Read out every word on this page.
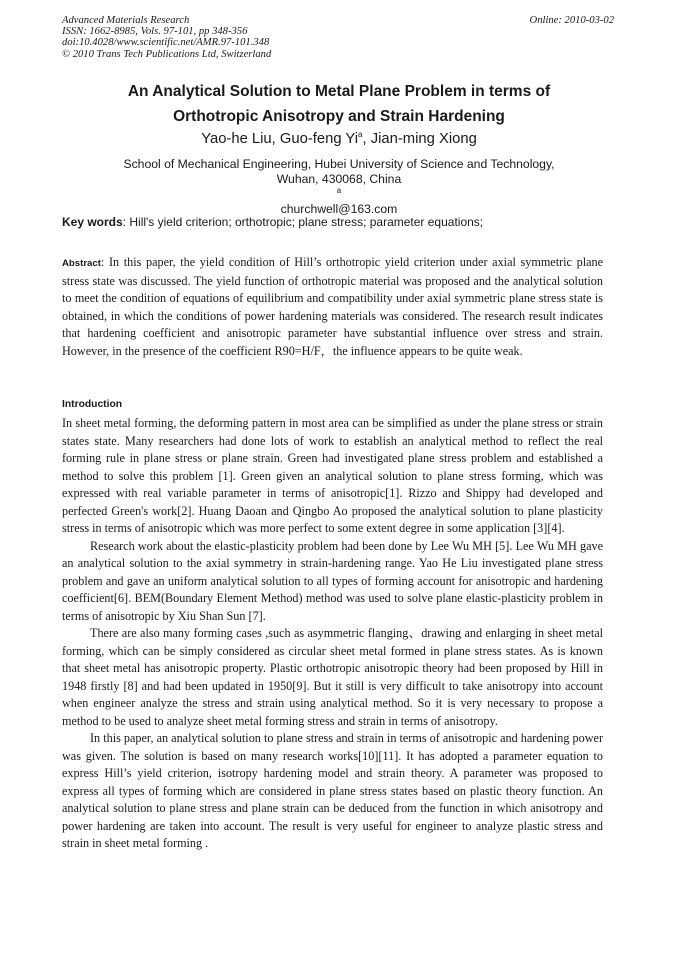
Advanced Materials Research
ISSN: 1662-8985, Vols. 97-101, pp 348-356
doi:10.4028/www.scientific.net/AMR.97-101.348
© 2010 Trans Tech Publications Ltd, Switzerland
Online: 2010-03-02
An Analytical Solution to Metal Plane Problem in terms of
Orthotropic Anisotropy and Strain Hardening
Yao-he Liu, Guo-feng Yi$^a$, Jian-ming Xiong
School of Mechanical Engineering, Hubei University of Science and Technology,
Wuhan, 430068, China
$^a$
churchwell@163.com
Key words: Hill's yield criterion; orthotropic; plane stress; parameter equations;
Abstract: In this paper, the yield condition of Hill’s orthotropic yield criterion under axial symmetric plane stress state was discussed. The yield function of orthotropic material was proposed and the analytical solution to meet the condition of equations of equilibrium and compatibility under axial symmetric plane stress state is obtained, in which the conditions of power hardening materials was considered. The research result indicates that hardening coefficient and anisotropic parameter have substantial influence over stress and strain. However, in the presence of the coefficient R90=H/F，the influence appears to be quite weak.
Introduction

In sheet metal forming, the deforming pattern in most area can be simplified as under the plane stress or strain states state. Many researchers had done lots of work to establish an analytical method to reflect the real forming rule in plane stress or plane strain. Green had investigated plane stress problem and established a method to solve this problem [1]. Green given an analytical solution to plane stress forming, which was expressed with real variable parameter in terms of anisotropic[1]. Rizzo and Shippy had developed and perfected Green's work[2]. Huang Daoan and Qingbo Ao proposed the analytical solution to plane plasticity stress in terms of anisotropic which was more perfect to some extent degree in some application [3][4].

Research work about the elastic-plasticity problem had been done by Lee Wu MH [5]. Lee Wu MH gave an analytical solution to the axial symmetry in strain-hardening range. Yao He Liu investigated plane stress problem and gave an uniform analytical solution to all types of forming account for anisotropic and hardening coefficient[6]. BEM(Boundary Element Method) method was used to solve plane elastic-plasticity problem in terms of anisotropic by Xiu Shan Sun [7].

There are also many forming cases ,such as asymmetric flanging、drawing and enlarging in sheet metal forming, which can be simply considered as circular sheet metal formed in plane stress states. As is known that sheet metal has anisotropic property. Plastic orthotropic anisotropic theory had been proposed by Hill in 1948 firstly [8] and had been updated in 1950[9]. But it still is very difficult to take anisotropy into account when engineer analyze the stress and strain using analytical method. So it is very necessary to propose a method to be used to analyze sheet metal forming stress and strain in terms of anisotropy.

In this paper, an analytical solution to plane stress and strain in terms of anisotropic and hardening power was given. The solution is based on many research works[10][11]. It has adopted a parameter equation to express Hill’s yield criterion, isotropy hardening model and strain theory. A parameter was proposed to express all types of forming which are considered in plane stress states based on plastic theory function. An analytical solution to plane stress and plane strain can be deduced from the function in which anisotropy and power hardening are taken into account. The result is very useful for engineer to analyze plastic stress and strain in sheet metal forming .
